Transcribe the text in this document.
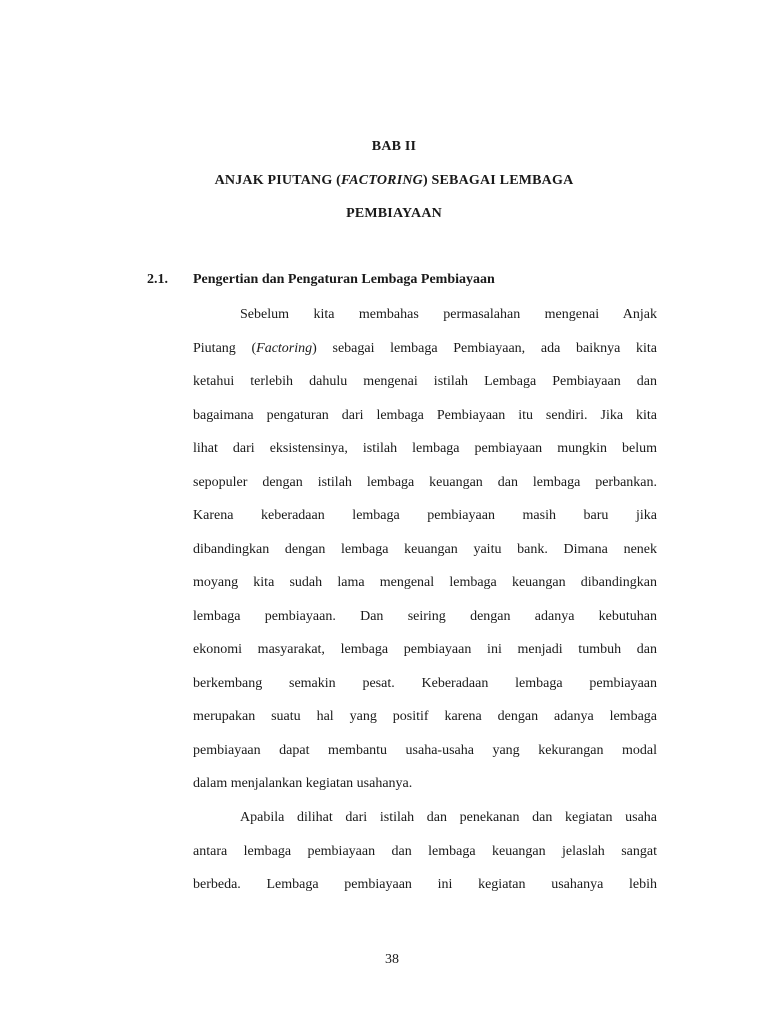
BAB II
ANJAK PIUTANG (FACTORING) SEBAGAI LEMBAGA
PEMBIAYAAN
2.1. Pengertian dan Pengaturan Lembaga Pembiayaan
Sebelum kita membahas permasalahan mengenai Anjak
Piutang (Factoring) sebagai lembaga Pembiayaan, ada baiknya kita
ketahui terlebih dahulu mengenai istilah Lembaga Pembiayaan dan
bagaimana pengaturan dari lembaga Pembiayaan itu sendiri. Jika kita
lihat dari eksistensinya, istilah lembaga pembiayaan mungkin belum
sepopuler dengan istilah lembaga keuangan dan lembaga perbankan.
Karena keberadaan lembaga pembiayaan masih baru jika
dibandingkan dengan lembaga keuangan yaitu bank. Dimana nenek
moyang kita sudah lama mengenal lembaga keuangan dibandingkan
lembaga pembiayaan. Dan seiring dengan adanya kebutuhan
ekonomi masyarakat, lembaga pembiayaan ini menjadi tumbuh dan
berkembang semakin pesat. Keberadaan lembaga pembiayaan
merupakan suatu hal yang positif karena dengan adanya lembaga
pembiayaan dapat membantu usaha-usaha yang kekurangan modal
dalam menjalankan kegiatan usahanya.
Apabila dilihat dari istilah dan penekanan dan kegiatan usaha
antara lembaga pembiayaan dan lembaga keuangan jelaslah sangat
berbeda. Lembaga pembiayaan ini kegiatan usahanya lebih
38
